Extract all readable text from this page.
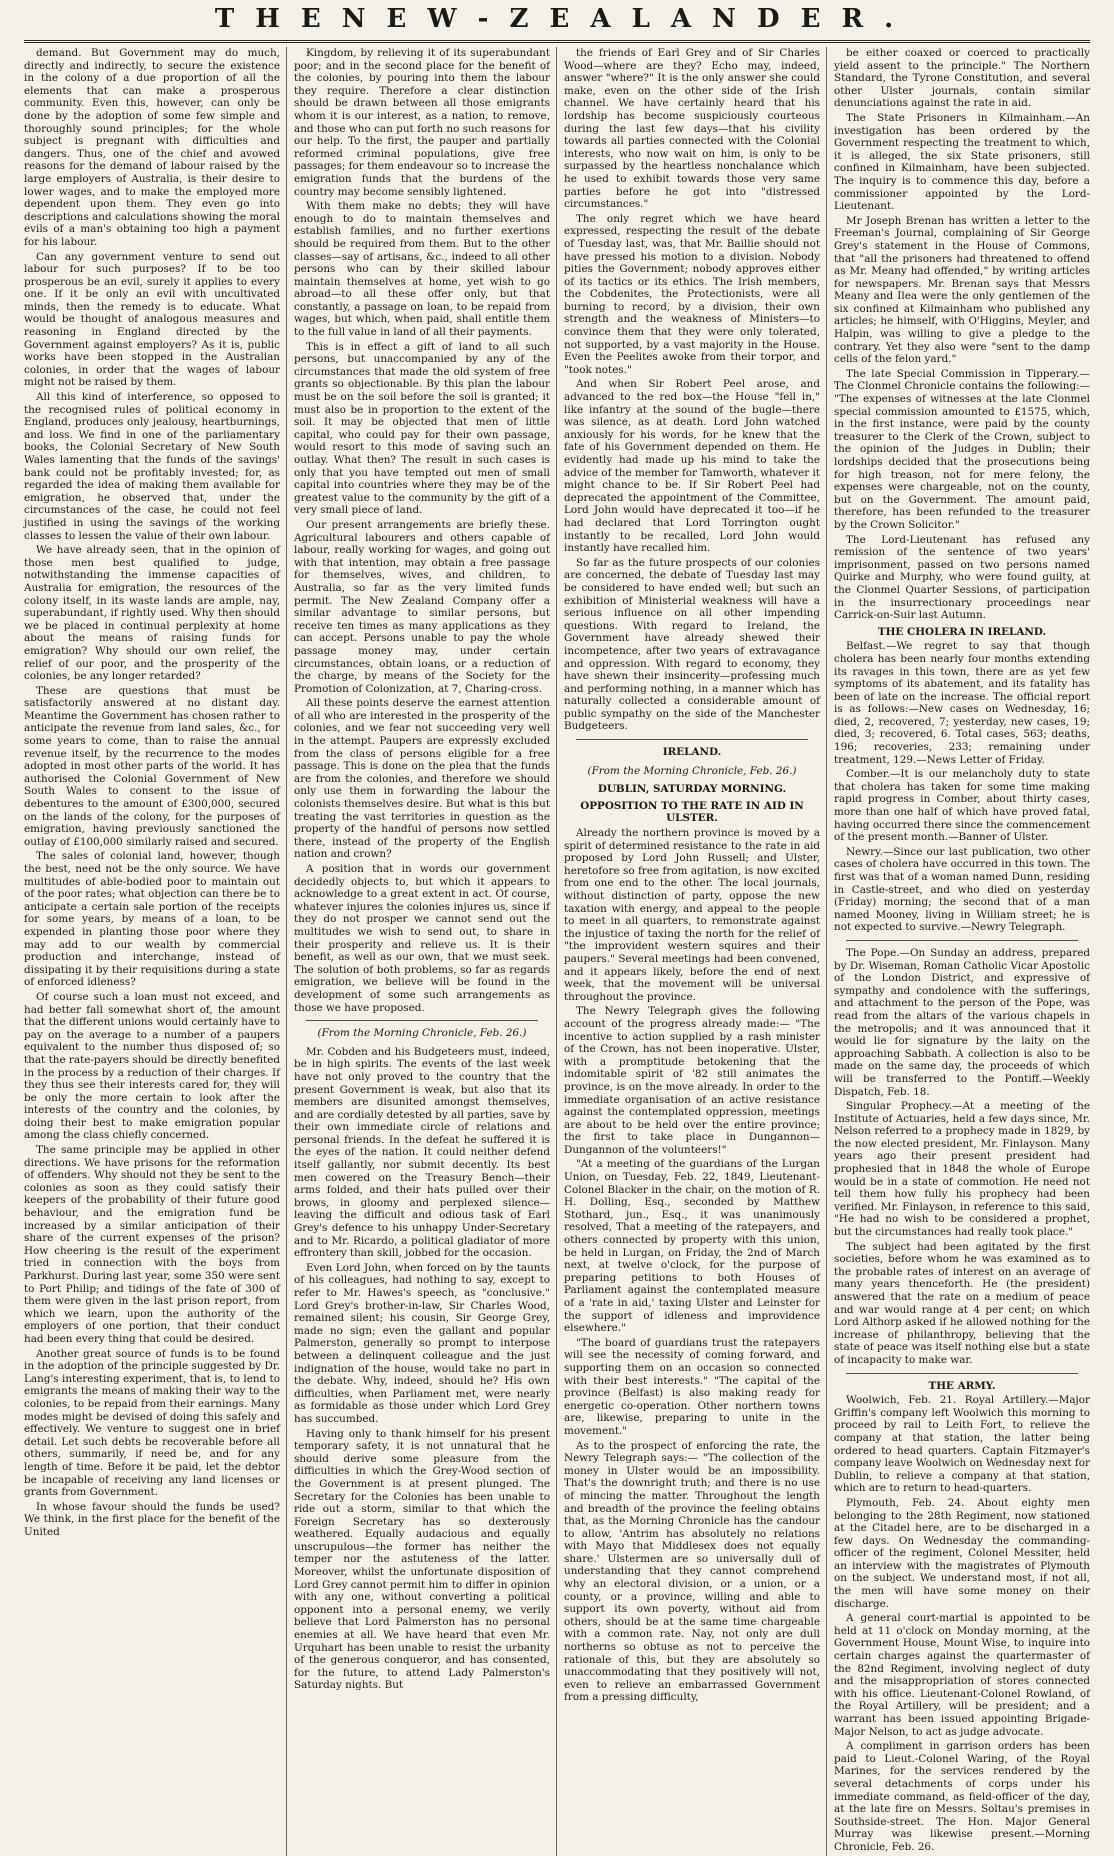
T H E N E W - Z E A L A N D E R .

demand. But Government may do much, directly and indirectly, to secure the existence in the colony of a due proportion of all the elements that can make a prosperous community. Even this, however, can only be done by the adoption of some few simple and thoroughly sound principles; for the whole subject is pregnant with difficulties and dangers. Thus, one of the chief and avowed reasons for the demand of labour raised by the large employers of Australia, is their desire to lower wages, and to make the employed more dependent upon them. They even go into descriptions and calculations showing the moral evils of a man's obtaining too high a payment for his labour.

Can any government venture to send out labour for such purposes? If to be too prosperous be an evil, surely it applies to every one. If it be only an evil with uncultivated minds, then the remedy is to educate. What would be thought of analogous measures and reasoning in England directed by the Government against employers? As it is, public works have been stopped in the Australian colonies, in order that the wages of labour might not be raised by them.

All this kind of interference, so opposed to the recognised rules of political economy in England, produces only jealousy, heartburnings, and loss. We find in one of the parliamentary books, the Colonial Secretary of New South Wales lamenting that the funds of the savings' bank could not be profitably invested; for, as regarded the idea of making them available for emigration, he observed that, under the circumstances of the case, he could not feel justified in using the savings of the working classes to lessen the value of their own labour.

We have already seen, that in the opinion of those men best qualified to judge, notwithstanding the immense capacities of Australia for emigration, the resources of the colony itself, in its waste lands are ample, nay, superabundant, if rightly used. Why then should we be placed in continual perplexity at home about the means of raising funds for emigration? Why should our own relief, the relief of our poor, and the prosperity of the colonies, be any longer retarded?

These are questions that must be satisfactorily answered at no distant day. Meantime the Government has chosen rather to anticipate the revenue from land sales, &c., for some years to come, than to raise the annual revenue itself, by the recurrence to the modes adopted in most other parts of the world. It has authorised the Colonial Government of New South Wales to consent to the issue of debentures to the amount of £300,000, secured on the lands of the colony, for the purposes of emigration, having previously sanctioned the outlay of £100,000 similarly raised and secured.

The sales of colonial land, however, though the best, need not be the only source. We have multitudes of able-bodied poor to maintain out of the poor rates; what objection can there be to anticipate a certain sale portion of the receipts for some years, by means of a loan, to be expended in planting those poor where they may add to our wealth by commercial production and interchange, instead of dissipating it by their requisitions during a state of enforced idleness?

Of course such a loan must not exceed, and had better fall somewhat short of, the amount that the different unions would certainly have to pay on the average to a number of a paupers equivalent to the number thus disposed of; so that the rate-payers should be directly benefited in the process by a reduction of their charges. If they thus see their interests cared for, they will be only the more certain to look after the interests of the country and the colonies, by doing their best to make emigration popular among the class chiefly concerned.

The same principle may be applied in other directions. We have prisons for the reformation of offenders. Why should not they be sent to the colonies as soon as they could satisfy their keepers of the probability of their future good behaviour, and the emigration fund be increased by a similar anticipation of their share of the current expenses of the prison? How cheering is the result of the experiment tried in connection with the boys from Parkhurst. During last year, some 350 were sent to Port Philip; and tidings of the fate of 300 of them were given in the last prison report, from which we learn, upon the authority of the employers of one portion, that their conduct had been every thing that could be desired.

Another great source of funds is to be found in the adoption of the principle suggested by Dr. Lang's interesting experiment, that is, to lend to emigrants the means of making their way to the colonies, to be repaid from their earnings. Many modes might be devised of doing this safely and effectively. We venture to suggest one in brief detail. Let such debts be recoverable before all others, summarily, if need be, and for any length of time. Before it be paid, let the debtor be incapable of receiving any land licenses or grants from Government.

In whose favour should the funds be used? We think, in the first place for the benefit of the United

Kingdom, by relieving it of its superabundant poor; and in the second place for the benefit of the colonies, by pouring into them the labour they require. Therefore a clear distinction should be drawn between all those emigrants whom it is our interest, as a nation, to remove, and those who can put forth no such reasons for our help. To the first, the pauper and partially reformed criminal populations, give free passages; for them endeavour so to increase the emigration funds that the burdens of the country may become sensibly lightened.

With them make no debts; they will have enough to do to maintain themselves and establish families, and no further exertions should be required from them. But to the other classes—say of artisans, &c., indeed to all other persons who can by their skilled labour maintain themselves at home, yet wish to go abroad—to all these offer only, but that constantly, a passage on loan, to be repaid from wages, but which, when paid, shall entitle them to the full value in land of all their payments.

This is in effect a gift of land to all such persons, but unaccompanied by any of the circumstances that made the old system of free grants so objectionable. By this plan the labour must be on the soil before the soil is granted; it must also be in proportion to the extent of the soil. It may be objected that men of little capital, who could pay for their own passage, would resort to this mode of saving such an outlay. What then? The result in such cases is only that you have tempted out men of small capital into countries where they may be of the greatest value to the community by the gift of a very small piece of land.

Our present arrangements are briefly these. Agricultural labourers and others capable of labour, really working for wages, and going out with that intention, may obtain a free passage for themselves, wives, and children, to Australia, so far as the very limited funds permit. The New Zealand Company offer a similar advantage to similar persons, but receive ten times as many applications as they can accept. Persons unable to pay the whole passage money may, under certain circumstances, obtain loans, or a reduction of the charge, by means of the Society for the Promotion of Colonization, at 7, Charing-cross.

All these points deserve the earnest attention of all who are interested in the prosperity of the colonies, and we fear not succeeding very well in the attempt. Paupers are expressly excluded from the class of persons eligible for a free passage. This is done on the plea that the funds are from the colonies, and therefore we should only use them in forwarding the labour the colonists themselves desire. But what is this but treating the vast territories in question as the property of the handful of persons now settled there, instead of the property of the English nation and crown?

A position that in words our government decidedly objects to, but which it appears to acknowledge to a great extent in act. Of course, whatever injures the colonies injures us, since if they do not prosper we cannot send out the multitudes we wish to send out, to share in their prosperity and relieve us. It is their benefit, as well as our own, that we must seek. The solution of both problems, so far as regards emigration, we believe will be found in the development of some such arrangements as those we have proposed.

(From the Morning Chronicle, Feb. 26.)

Mr. Cobden and his Budgeteers must, indeed, be in high spirits. The events of the last week have not only proved to the country that the present Government is weak, but also that its members are disunited amongst themselves, and are cordially detested by all parties, save by their own immediate circle of relations and personal friends. In the defeat he suffered it is the eyes of the nation. It could neither defend itself gallantly, nor submit decently. Its best men cowered on the Treasury Bench—their arms folded, and their hats pulled over their brows, in gloomy and perplexed silence—leaving the difficult and odious task of Earl Grey's defence to his unhappy Under-Secretary and to Mr. Ricardo, a political gladiator of more effrontery than skill, jobbed for the occasion.

Even Lord John, when forced on by the taunts of his colleagues, had nothing to say, except to refer to Mr. Hawes's speech, as "conclusive." Lord Grey's brother-in-law, Sir Charles Wood, remained silent; his cousin, Sir George Grey, made no sign; even the gallant and popular Palmerston, generally so prompt to interpose between a delinquent colleague and the just indignation of the house, would take no part in the debate. Why, indeed, should he? His own difficulties, when Parliament met, were nearly as formidable as those under which Lord Grey has succumbed.

Having only to thank himself for his present temporary safety, it is not unnatural that he should derive some pleasure from the difficulties in which the Grey-Wood section of the Government is at present plunged. The Secretary for the Colonies has been unable to ride out a storm, similar to that which the Foreign Secretary has so dexterously weathered. Equally audacious and equally unscrupulous—the former has neither the temper nor the astuteness of the latter. Moreover, whilst the unfortunate disposition of Lord Grey cannot permit him to differ in opinion with any one, without converting a political opponent into a personal enemy, we verily believe that Lord Palmerston has no personal enemies at all. We have heard that even Mr. Urquhart has been unable to resist the urbanity of the generous conqueror, and has consented, for the future, to attend Lady Palmerston's Saturday nights. But

the friends of Earl Grey and of Sir Charles Wood—where are they? Echo may, indeed, answer "where?" It is the only answer she could make, even on the other side of the Irish channel. We have certainly heard that his lordship has become suspiciously courteous during the last few days—that his civility towards all parties connected with the Colonial interests, who now wait on him, is only to be surpassed by the heartless nonchalance which he used to exhibit towards those very same parties before he got into "distressed circumstances."

The only regret which we have heard expressed, respecting the result of the debate of Tuesday last, was, that Mr. Baillie should not have pressed his motion to a division. Nobody pities the Government; nobody approves either of its tactics or its ethics. The Irish members, the Cobdenites, the Protectionists, were all burning to record, by a division, their own strength and the weakness of Ministers—to convince them that they were only tolerated, not supported, by a vast majority in the House. Even the Peelites awoke from their torpor, and "took notes."

And when Sir Robert Peel arose, and advanced to the red box—the House "fell in," like infantry at the sound of the bugle—there was silence, as at death. Lord John watched anxiously for his words, for he knew that the fate of his Government depended on them. He evidently had made up his mind to take the advice of the member for Tamworth, whatever it might chance to be. If Sir Robert Peel had deprecated the appointment of the Committee, Lord John would have deprecated it too—if he had declared that Lord Torrington ought instantly to be recalled, Lord John would instantly have recalled him.

So far as the future prospects of our colonies are concerned, the debate of Tuesday last may be considered to have ended well; but such an exhibition of Ministerial weakness will have a serious influence on all other impending questions. With regard to Ireland, the Government have already shewed their incompetence, after two years of extravagance and oppression. With regard to economy, they have shewn their insincerity—professing much and performing nothing, in a manner which has naturally collected a considerable amount of public sympathy on the side of the Manchester Budgeteers.

IRELAND.
(From the Morning Chronicle, Feb. 26.)
DUBLIN, SATURDAY MORNING.
OPPOSITION TO THE RATE IN AID IN ULSTER.

Already the northern province is moved by a spirit of determined resistance to the rate in aid proposed by Lord John Russell; and Ulster, heretofore so free from agitation, is now excited from one end to the other. The local journals, without distinction of party, oppose the new taxation with energy, and appeal to the people to meet in all quarters, to remonstrate against the injustice of taxing the north for the relief of "the improvident western squires and their paupers." Several meetings had been convened, and it appears likely, before the end of next week, that the movement will be universal throughout the province.

The Newry Telegraph gives the following account of the progress already made:— "The incentive to action supplied by a rash minister of the Crown, has not been inoperative. Ulster, with a promptitude betokening that the indomitable spirit of '82 still animates the province, is on the move already. In order to the immediate organisation of an active resistance against the contemplated oppression, meetings are about to be held over the entire province; the first to take place in Dungannon—Dungannon of the volunteers!"

"At a meeting of the guardians of the Lurgan Union, on Tuesday, Feb. 22, 1849, Lieutenant-Colonel Blacker in the chair, on the motion of R. H. Dolling, Esq., seconded by Matthew Stothard, jun., Esq., it was unanimously resolved, That a meeting of the ratepayers, and others connected by property with this union, be held in Lurgan, on Friday, the 2nd of March next, at twelve o'clock, for the purpose of preparing petitions to both Houses of Parliament against the contemplated measure of a 'rate in aid,' taxing Ulster and Leinster for the support of idleness and improvidence elsewhere."

"The board of guardians trust the ratepayers will see the necessity of coming forward, and supporting them on an occasion so connected with their best interests." "The capital of the province (Belfast) is also making ready for energetic co-operation. Other northern towns are, likewise, preparing to unite in the movement."

As to the prospect of enforcing the rate, the Newry Telegraph says:— "The collection of the money in Ulster would be an impossibility. That's the downright truth; and there is no use of mincing the matter. Throughout the length and breadth of the province the feeling obtains that, as the Morning Chronicle has the candour to allow, 'Antrim has absolutely no relations with Mayo that Middlesex does not equally share.' Ulstermen are so universally dull of understanding that they cannot comprehend why an electoral division, or a union, or a county, or a province, willing and able to support its own poverty, without aid from others, should be at the same time chargeable with a common rate. Nay, not only are dull northerns so obtuse as not to perceive the rationale of this, but they are absolutely so unaccommodating that they positively will not, even to relieve an embarrassed Government from a pressing difficulty,

be either coaxed or coerced to practically yield assent to the principle." The Northern Standard, the Tyrone Constitution, and several other Ulster journals, contain similar denunciations against the rate in aid.

The State Prisoners in Kilmainham.—An investigation has been ordered by the Government respecting the treatment to which, it is alleged, the six State prisoners, still confined in Kilmainham, have been subjected. The inquiry is to commence this day, before a commissioner appointed by the Lord-Lieutenant.

Mr Joseph Brenan has written a letter to the Freeman's Journal, complaining of Sir George Grey's statement in the House of Commons, that "all the prisoners had threatened to offend as Mr. Meany had offended," by writing articles for newspapers. Mr. Brenan says that Messrs Meany and Ilea were the only gentlemen of the six confined at Kilmainham who published any articles; he himself, with O'Higgins, Meyler, and Halpin, was willing to give a pledge to the contrary. Yet they also were "sent to the damp cells of the felon yard."

The late Special Commission in Tipperary.—The Clonmel Chronicle contains the following:— "The expenses of witnesses at the late Clonmel special commission amounted to £1575, which, in the first instance, were paid by the county treasurer to the Clerk of the Crown, subject to the opinion of the Judges in Dublin; their lordships decided that the prosecutions being for high treason, not for mere felony, the expenses were chargeable, not on the county, but on the Government. The amount paid, therefore, has been refunded to the treasurer by the Crown Solicitor."

The Lord-Lieutenant has refused any remission of the sentence of two years' imprisonment, passed on two persons named Quirke and Murphy, who were found guilty, at the Clonmel Quarter Sessions, of participation in the insurrectionary proceedings near Carrick-on-Suir last Autumn.

THE CHOLERA IN IRELAND.

Belfast.—We regret to say that though cholera has been nearly four months extending its ravages in this town, there are as yet few symptoms of its abatement, and its fatality has been of late on the increase. The official report is as follows:—New cases on Wednesday, 16; died, 2, recovered, 7; yesterday, new cases, 19; died, 3; recovered, 6. Total cases, 563; deaths, 196; recoveries, 233; remaining under treatment, 129.—News Letter of Friday.

Comber.—It is our melancholy duty to state that cholera has taken for some time making rapid progress in Comber, about thirty cases, more than one half of which have proved fatal, having occurred there since the commencement of the present month.—Banner of Ulster.

Newry.—Since our last publication, two other cases of cholera have occurred in this town. The first was that of a woman named Dunn, residing in Castle-street, and who died on yesterday (Friday) morning; the second that of a man named Mooney, living in William street; he is not expected to survive.—Newry Telegraph.

The Pope.—On Sunday an address, prepared by Dr. Wiseman, Roman Catholic Vicar Apostolic of the London District, and expressive of sympathy and condolence with the sufferings, and attachment to the person of the Pope, was read from the altars of the various chapels in the metropolis; and it was announced that it would lie for signature by the laity on the approaching Sabbath. A collection is also to be made on the same day, the proceeds of which will be transferred to the Pontiff.—Weekly Dispatch, Feb. 18.

Singular Prophecy.—At a meeting of the Institute of Actuaries, held a few days since, Mr. Nelson referred to a prophecy made in 1829, by the now elected president, Mr. Finlayson. Many years ago their present president had prophesied that in 1848 the whole of Europe would be in a state of commotion. He need not tell them how fully his prophecy had been verified. Mr. Finlayson, in reference to this said, "He had no wish to be considered a prophet, but the circumstances had really took place."

The subject had been agitated by the first societies, before whom he was examined as to the probable rates of interest on an average of many years thenceforth. He (the president) answered that the rate on a medium of peace and war would range at 4 per cent; on which Lord Althorp asked if he allowed nothing for the increase of philanthropy, believing that the state of peace was itself nothing else but a state of incapacity to make war.

THE ARMY.

Woolwich, Feb. 21. Royal Artillery.—Major Griffin's company left Woolwich this morning to proceed by rail to Leith Fort, to relieve the company at that station, the latter being ordered to head quarters. Captain Fitzmayer's company leave Woolwich on Wednesday next for Dublin, to relieve a company at that station, which are to return to head-quarters.

Plymouth, Feb. 24. About eighty men belonging to the 28th Regiment, now stationed at the Citadel here, are to be discharged in a few days. On Wednesday the commanding-officer of the regiment, Colonel Messiter, held an interview with the magistrates of Plymouth on the subject. We understand most, if not all, the men will have some money on their discharge.

A general court-martial is appointed to be held at 11 o'clock on Monday morning, at the Government House, Mount Wise, to inquire into certain charges against the quartermaster of the 82nd Regiment, involving neglect of duty and the misappropriation of stores connected with his office. Lieutenant-Colonel Rowland, of the Royal Artillery, will be president; and a warrant has been issued appointing Brigade-Major Nelson, to act as judge advocate.

A compliment in garrison orders has been paid to Lieut.-Colonel Waring, of the Royal Marines, for the services rendered by the several detachments of corps under his immediate command, as field-officer of the day, at the late fire on Messrs. Soltau's premises in Southside-street. The Hon. Major General Murray was likewise present.—Morning Chronicle, Feb. 26.
